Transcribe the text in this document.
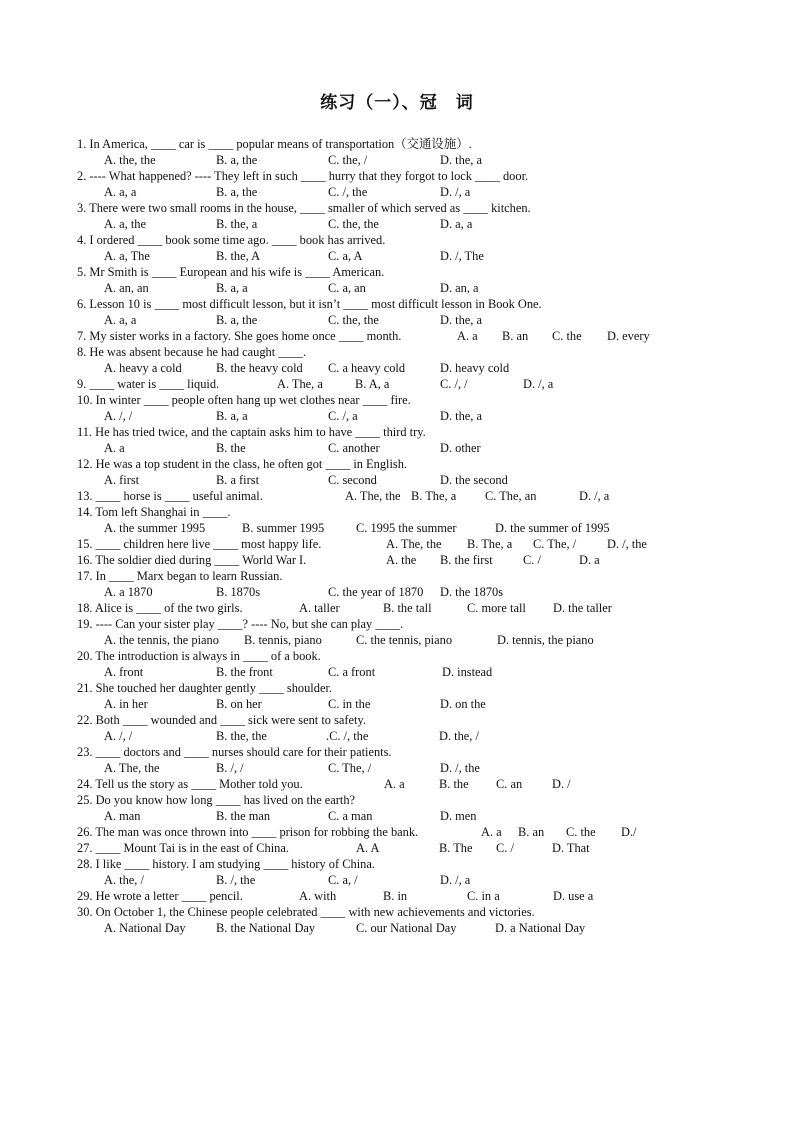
练习（一）、冠　词
1. In America, ____ car is ____ popular means of transportation（交通设施）.
A. the, the	B. a, the	C. the, /	D. the, a
2. ---- What happened? ---- They left in such ____ hurry that they forgot to lock ____ door.
A. a, a	B. a, the	C. /, the	D. /, a
3. There were two small rooms in the house, ____ smaller of which served as ____ kitchen.
A. a, the	B. the, a	C. the, the	D. a, a
4. I ordered ____ book some time ago. ____ book has arrived.
A. a, The	B. the, A	C. a, A	D. /, The
5. Mr Smith is ____ European and his wife is ____ American.
A. an, an	B. a, a	C. a, an	D. an, a
6. Lesson 10 is ____ most difficult lesson, but it isn’t ____ most difficult lesson in Book One.
A. a, a	B. a, the	C. the, the	D. the, a
7. My sister works in a factory. She goes home once ____ month.	A. a B. an C. the D. every
8. He was absent because he had caught ____.
A. heavy a cold	B. the heavy cold C. a heavy cold	D. heavy cold
9. ____ water is ____ liquid.	A. The, a	B. A, a	C. /, /	D. /, a
10. In winter ____ people often hang up wet clothes near ____ fire.
A. /, /	B. a, a	C. /, a	D. the, a
11. He has tried twice, and the captain asks him to have ____ third try.
A. a	B. the	C. another	D. other
12. He was a top student in the class, he often got ____ in English.
A. first	B. a first	C. second	D. the second
13. ____ horse is ____ useful animal.	A. The, the B. The, a C. The, an	D. /, a
14. Tom left Shanghai in ____.
A. the summer 1995	B. summer 1995	C. 1995 the summer	D. the summer of 1995
15. ____ children here live ____ most happy life.	A. The, the B. The, a C. The, / D. /, the
16. The soldier died during ____ World War I.	A. the B. the first C. /	D. a
17. In ____ Marx began to learn Russian.
A. a 1870	B. 1870s	C. the year of 1870 D. the 1870s
18. Alice is ____ of the two girls.	A. taller	B. the tall	C. more tall D. the taller
19. ---- Can your sister play ____? ---- No, but she can play ____.
A. the tennis, the piano B. tennis, piano	C. the tennis, piano	D. tennis, the piano
20. The introduction is always in ____ of a book.
A. front	B. the front	C. a front	D. instead
21. She touched her daughter gently ____ shoulder.
A. in her	B. on her	C. in the	D. on the
22. Both ____ wounded and ____ sick were sent to safety.
A. /, /	B. the, the	.C. /, the	D. the, /
23. ____ doctors and ____ nurses should care for their patients.
A. The, the	B. /, /	C. The, /	D. /, the
24. Tell us the story as ____ Mother told you.	A. a	B. the C. an D. /
25. Do you know how long ____ has lived on the earth?
A. man	B. the man	C. a man	D. men
26. The man was once thrown into ____ prison for robbing the bank.	A. a B. an C. the D./
27. ____ Mount Tai is in the east of China.	A. A	B. The C. /	D. That
28. I like ____ history. I am studying ____ history of China.
A. the, /	B. /, the	C. a, /	D. /, a
29. He wrote a letter ____ pencil.	A. with	B. in	C. in a	D. use a
30. On October 1, the Chinese people celebrated ____ with new achievements and victories.
A. National Day B. the National Day	C. our National Day	D. a National Day
